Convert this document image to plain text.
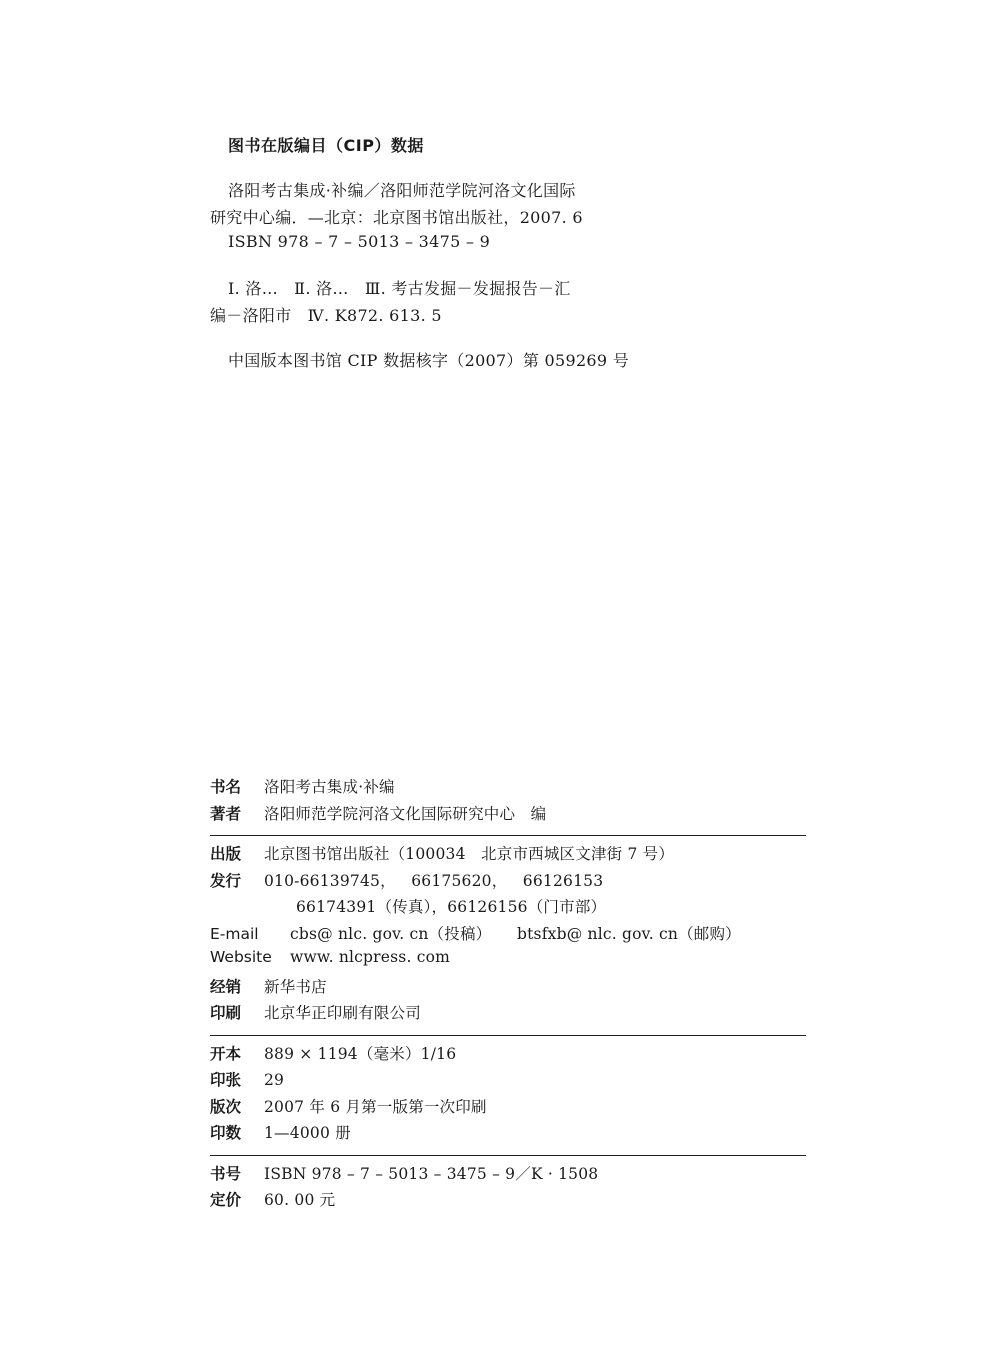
图书在版编目（CIP）数据
洛阳考古集成·补编／洛阳师范学院河洛文化国际
研究中心编．—北京：北京图书馆出版社，2007. 6
ISBN 978 – 7 – 5013 – 3475 – 9
Ⅰ. 洛…   Ⅱ. 洛…   Ⅲ. 考古发掘－发掘报告－汇
编－洛阳市   Ⅳ. K872. 613. 5
中国版本图书馆 CIP 数据核字（2007）第 059269 号
书名	洛阳考古集成·补编
著者	洛阳师范学院河洛文化国际研究中心   编
出版	北京图书馆出版社（100034   北京市西城区文津街 7 号）
发行	010-66139745，   66175620，   66126153
66174391（传真），66126156（门市部）
E-mail	cbs@ nlc. gov. cn（投稿）     btsfxb@ nlc. gov. cn（邮购）
Website	www. nlcpress. com
经销	新华书店
印刷	北京华正印刷有限公司
开本	889 × 1194（毫米）1/16
印张	29
版次	2007 年 6 月第一版第一次印刷
印数	1—4000 册
书号	ISBN 978 – 7 – 5013 – 3475 – 9／K · 1508
定价	60. 00 元
